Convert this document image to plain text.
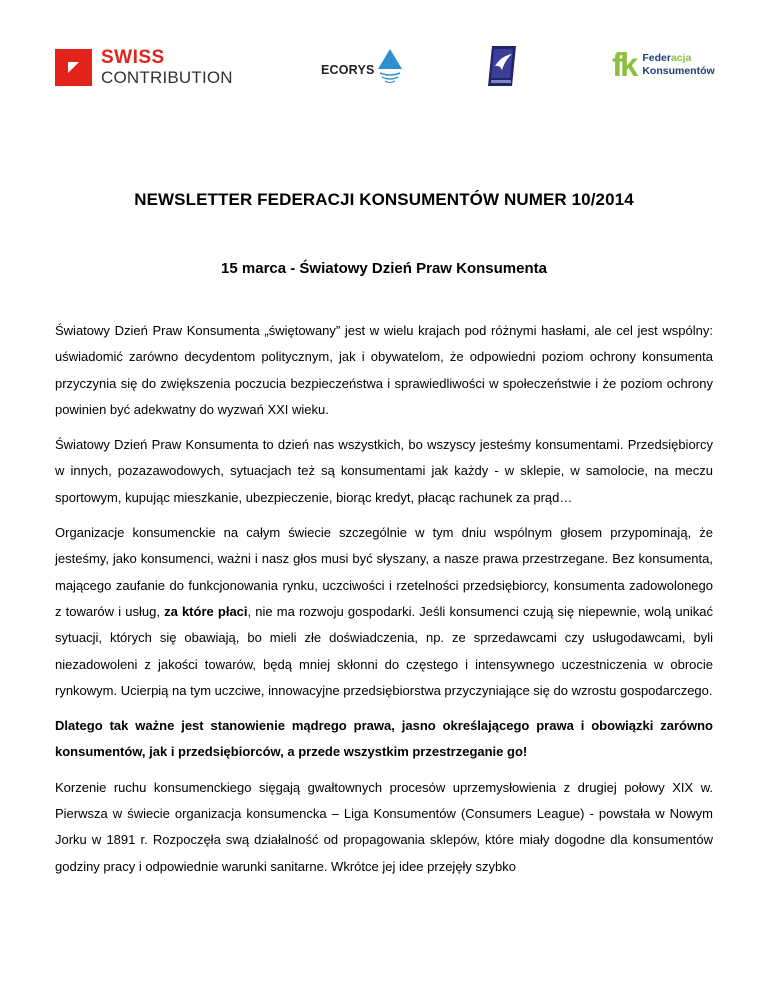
SWISS
CONTRIBUTION	ECORYS	fk Federacja
Konsumentów
NEWSLETTER FEDERACJI KONSUMENTÓW NUMER 10/2014
15 marca - Światowy Dzień Praw Konsumenta

Światowy Dzień Praw Konsumenta „świętowany” jest w wielu krajach pod różnymi hasłami, ale cel jest wspólny: uświadomić zarówno decydentom politycznym, jak i obywatelom, że odpowiedni poziom ochrony konsumenta przyczynia się do zwiększenia poczucia bezpieczeństwa i sprawiedliwości w społeczeństwie i że poziom ochrony powinien być adekwatny do wyzwań XXI wieku.

Światowy Dzień Praw Konsumenta to dzień nas wszystkich, bo wszyscy jesteśmy konsumentami. Przedsiębiorcy w innych, pozazawodowych, sytuacjach też są konsumentami jak każdy - w sklepie, w samolocie, na meczu sportowym, kupując mieszkanie, ubezpieczenie, biorąc kredyt, płacąc rachunek za prąd…

Organizacje konsumenckie na całym świecie szczególnie w tym dniu wspólnym głosem przypominają, że jesteśmy, jako konsumenci, ważni i nasz głos musi być słyszany, a nasze prawa przestrzegane. Bez konsumenta, mającego zaufanie do funkcjonowania rynku, uczciwości i rzetelności przedsiębiorcy, konsumenta zadowolonego z towarów i usług, za które płaci, nie ma rozwoju gospodarki. Jeśli konsumenci czują się niepewnie, wolą unikać sytuacji, których się obawiają, bo mieli złe doświadczenia, np. ze sprzedawcami czy usługodawcami, byli niezadowoleni z jakości towarów, będą mniej skłonni do częstego i intensywnego uczestniczenia w obrocie rynkowym. Ucierpią na tym uczciwe, innowacyjne przedsiębiorstwa przyczyniające się do wzrostu gospodarczego.

Dlatego tak ważne jest stanowienie mądrego prawa, jasno określającego prawa i obowiązki zarówno konsumentów, jak i przedsiębiorców, a przede wszystkim przestrzeganie go!

Korzenie ruchu konsumenckiego sięgają gwałtownych procesów uprzemysłowienia z drugiej połowy XIX w. Pierwsza w świecie organizacja konsumencka – Liga Konsumentów (Consumers League) - powstała w Nowym Jorku w 1891 r. Rozpoczęła swą działalność od propagowania sklepów, które miały dogodne dla konsumentów godziny pracy i odpowiednie warunki sanitarne. Wkrótce jej idee przejęły szybko
